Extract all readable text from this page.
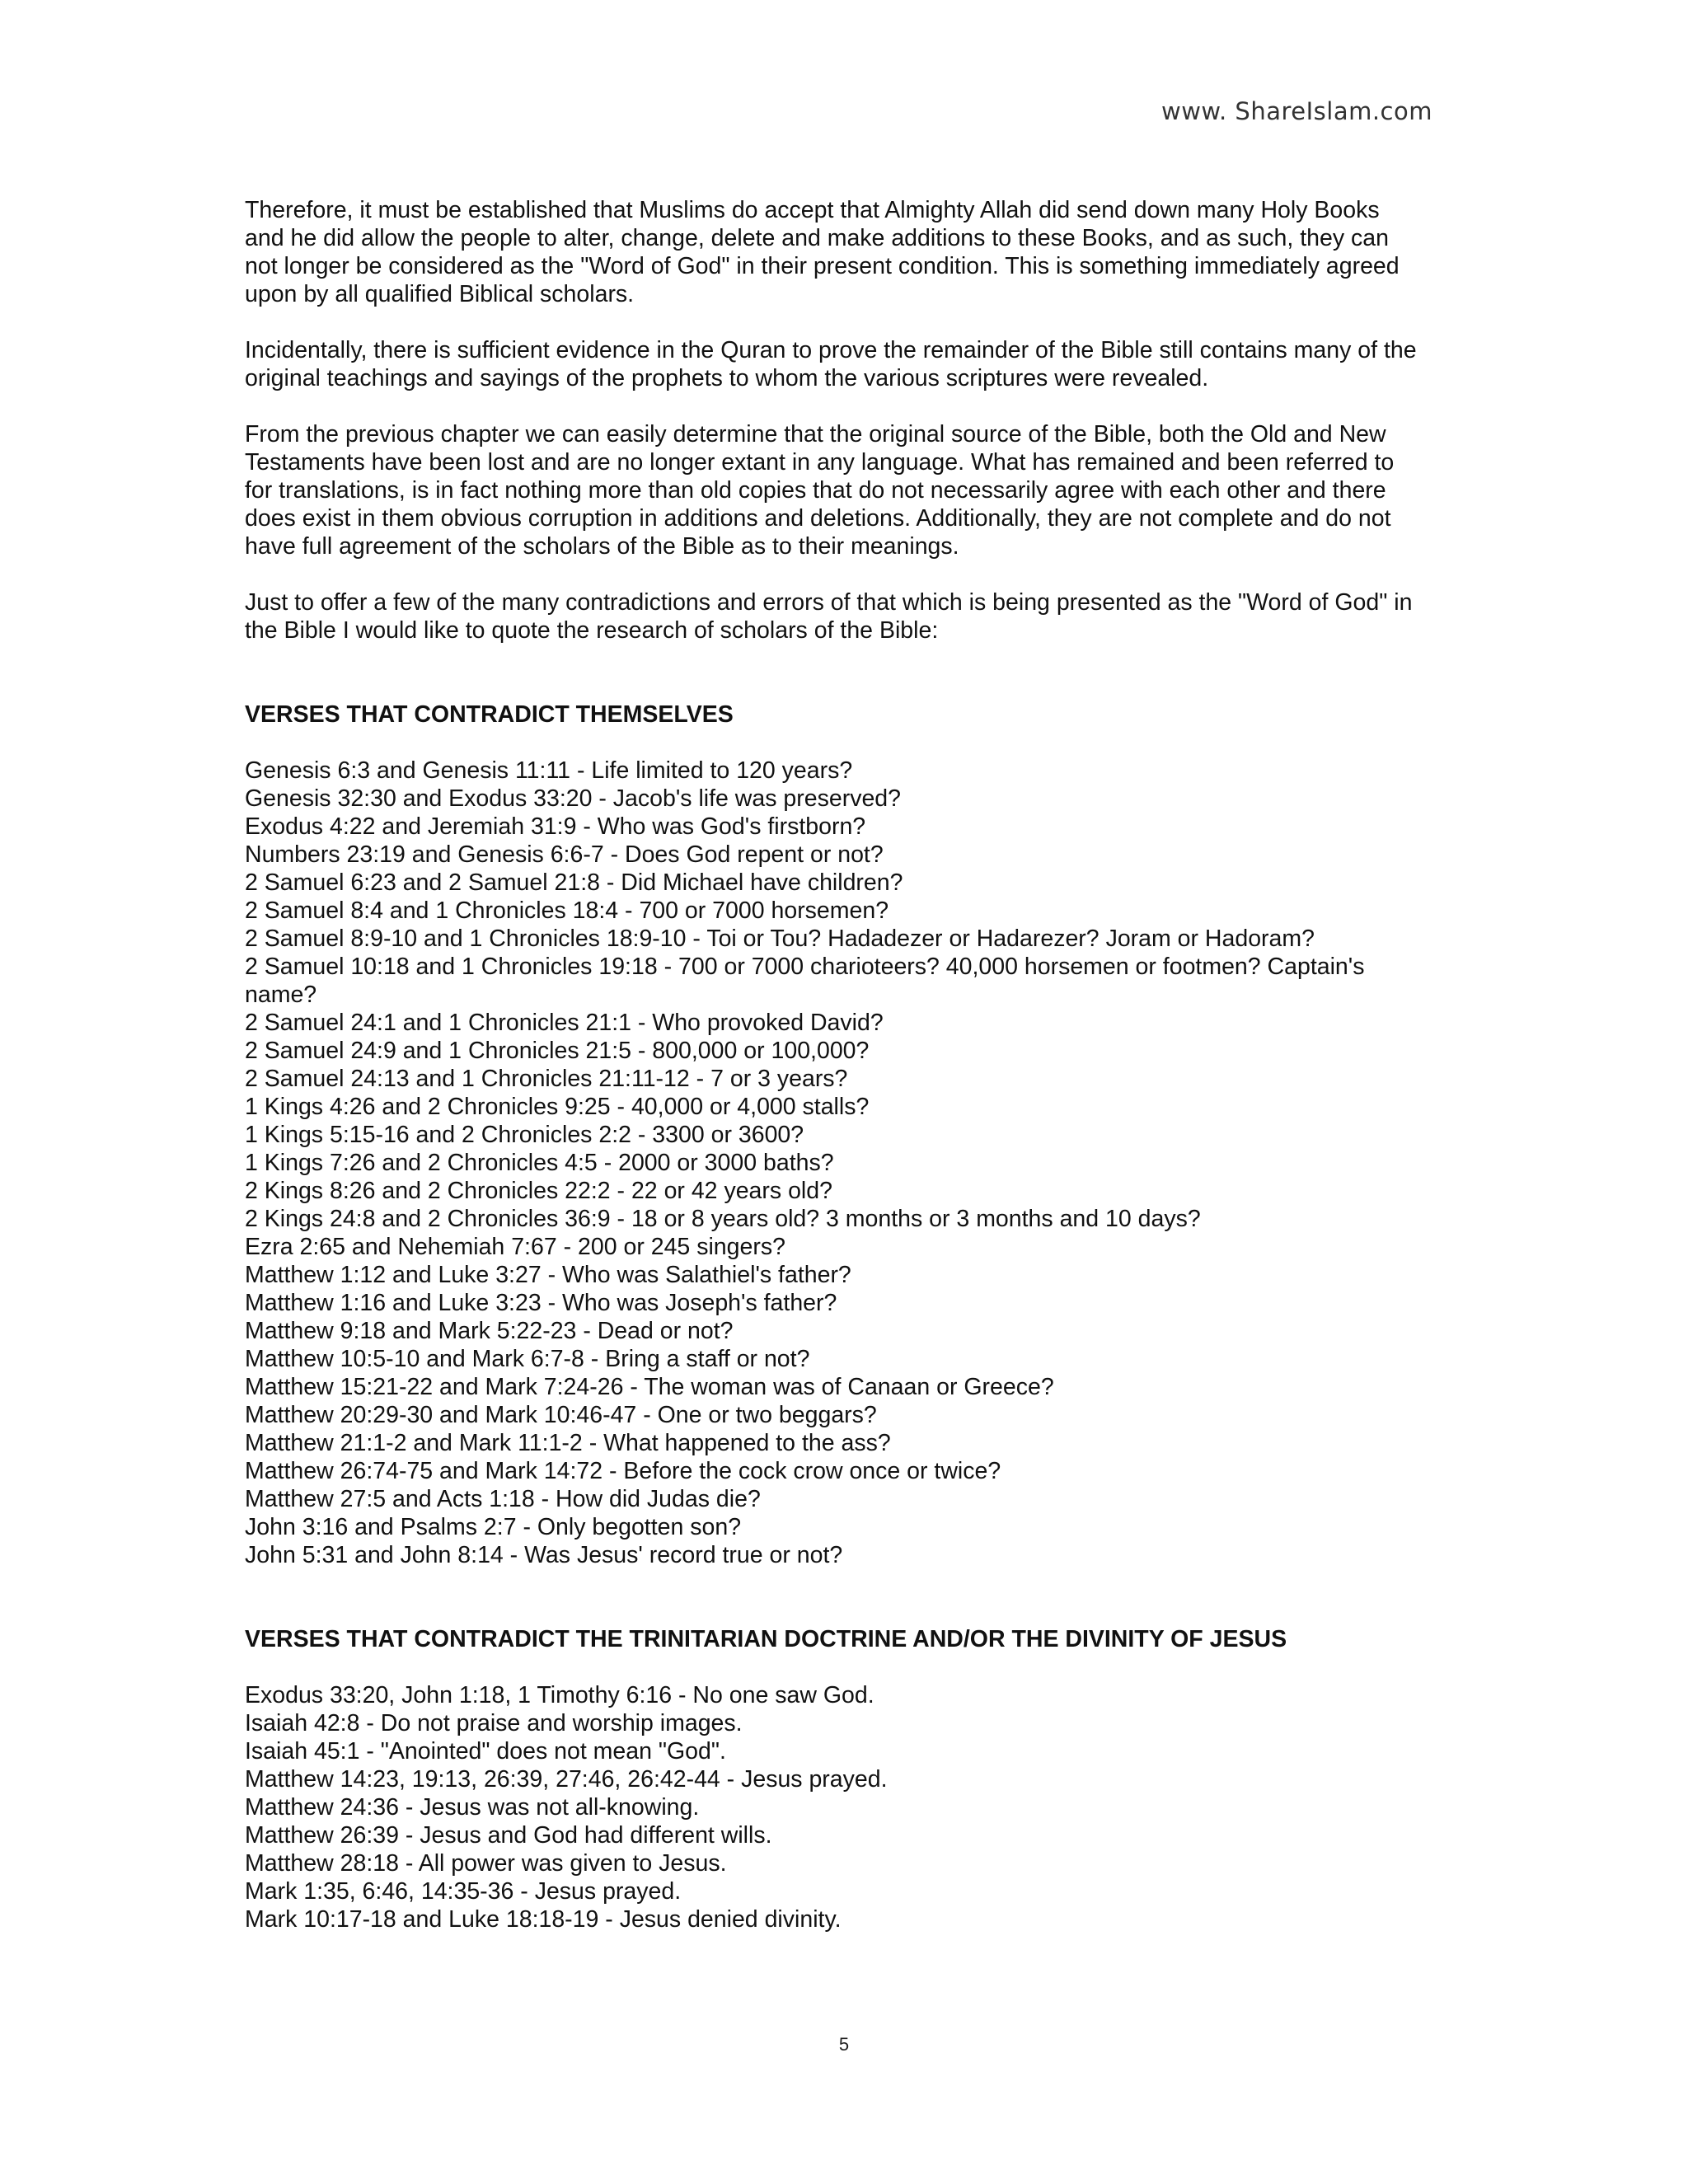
www. ShareIslam.com

Therefore, it must be established that Muslims do accept that Almighty Allah did send down many Holy Books and he did allow the people to alter, change, delete and make additions to these Books, and as such, they can not longer be considered as the "Word of God" in their present condition. This is something immediately agreed upon by all qualified Biblical scholars.

Incidentally, there is sufficient evidence in the Quran to prove the remainder of the Bible still contains many of the original teachings and sayings of the prophets to whom the various scriptures were revealed.

From the previous chapter we can easily determine that the original source of the Bible, both the Old and New Testaments have been lost and are no longer extant in any language. What has remained and been referred to for translations, is in fact nothing more than old copies that do not necessarily agree with each other and there does exist in them obvious corruption in additions and deletions. Additionally, they are not complete and do not have full agreement of the scholars of the Bible as to their meanings.

Just to offer a few of the many contradictions and errors of that which is being presented as the "Word of God" in the Bible I would like to quote the research of scholars of the Bible:

VERSES THAT CONTRADICT THEMSELVES
Genesis 6:3 and Genesis 11:11 - Life limited to 120 years?
Genesis 32:30 and Exodus 33:20 - Jacob's life was preserved?
Exodus 4:22 and Jeremiah 31:9 - Who was God's firstborn?
Numbers 23:19 and Genesis 6:6-7 - Does God repent or not?
2 Samuel 6:23 and 2 Samuel 21:8 - Did Michael have children?
2 Samuel 8:4 and 1 Chronicles 18:4 - 700 or 7000 horsemen?
2 Samuel 8:9-10 and 1 Chronicles 18:9-10 - Toi or Tou? Hadadezer or Hadarezer? Joram or Hadoram?
2 Samuel 10:18 and 1 Chronicles 19:18 - 700 or 7000 charioteers? 40,000 horsemen or footmen? Captain's name?
2 Samuel 24:1 and 1 Chronicles 21:1 - Who provoked David?
2 Samuel 24:9 and 1 Chronicles 21:5 - 800,000 or 100,000?
2 Samuel 24:13 and 1 Chronicles 21:11-12 - 7 or 3 years?
1 Kings 4:26 and 2 Chronicles 9:25 - 40,000 or 4,000 stalls?
1 Kings 5:15-16 and 2 Chronicles 2:2 - 3300 or 3600?
1 Kings 7:26 and 2 Chronicles 4:5 - 2000 or 3000 baths?
2 Kings 8:26 and 2 Chronicles 22:2 - 22 or 42 years old?
2 Kings 24:8 and 2 Chronicles 36:9 - 18 or 8 years old? 3 months or 3 months and 10 days?
Ezra 2:65 and Nehemiah 7:67 - 200 or 245 singers?
Matthew 1:12 and Luke 3:27 - Who was Salathiel's father?
Matthew 1:16 and Luke 3:23 - Who was Joseph's father?
Matthew 9:18 and Mark 5:22-23 - Dead or not?
Matthew 10:5-10 and Mark 6:7-8 - Bring a staff or not?
Matthew 15:21-22 and Mark 7:24-26 - The woman was of Canaan or Greece?
Matthew 20:29-30 and Mark 10:46-47 - One or two beggars?
Matthew 21:1-2 and Mark 11:1-2 - What happened to the ass?
Matthew 26:74-75 and Mark 14:72 - Before the cock crow once or twice?
Matthew 27:5 and Acts 1:18 - How did Judas die?
John 3:16 and Psalms 2:7 - Only begotten son?
John 5:31 and John 8:14 - Was Jesus' record true or not?
VERSES THAT CONTRADICT THE TRINITARIAN DOCTRINE AND/OR THE DIVINITY OF JESUS
Exodus 33:20, John 1:18, 1 Timothy 6:16 - No one saw God.
Isaiah 42:8 - Do not praise and worship images.
Isaiah 45:1 - "Anointed" does not mean "God".
Matthew 14:23, 19:13, 26:39, 27:46, 26:42-44 - Jesus prayed.
Matthew 24:36 - Jesus was not all-knowing.
Matthew 26:39 - Jesus and God had different wills.
Matthew 28:18 - All power was given to Jesus.
Mark 1:35, 6:46, 14:35-36 - Jesus prayed.
Mark 10:17-18 and Luke 18:18-19 - Jesus denied divinity.
5
